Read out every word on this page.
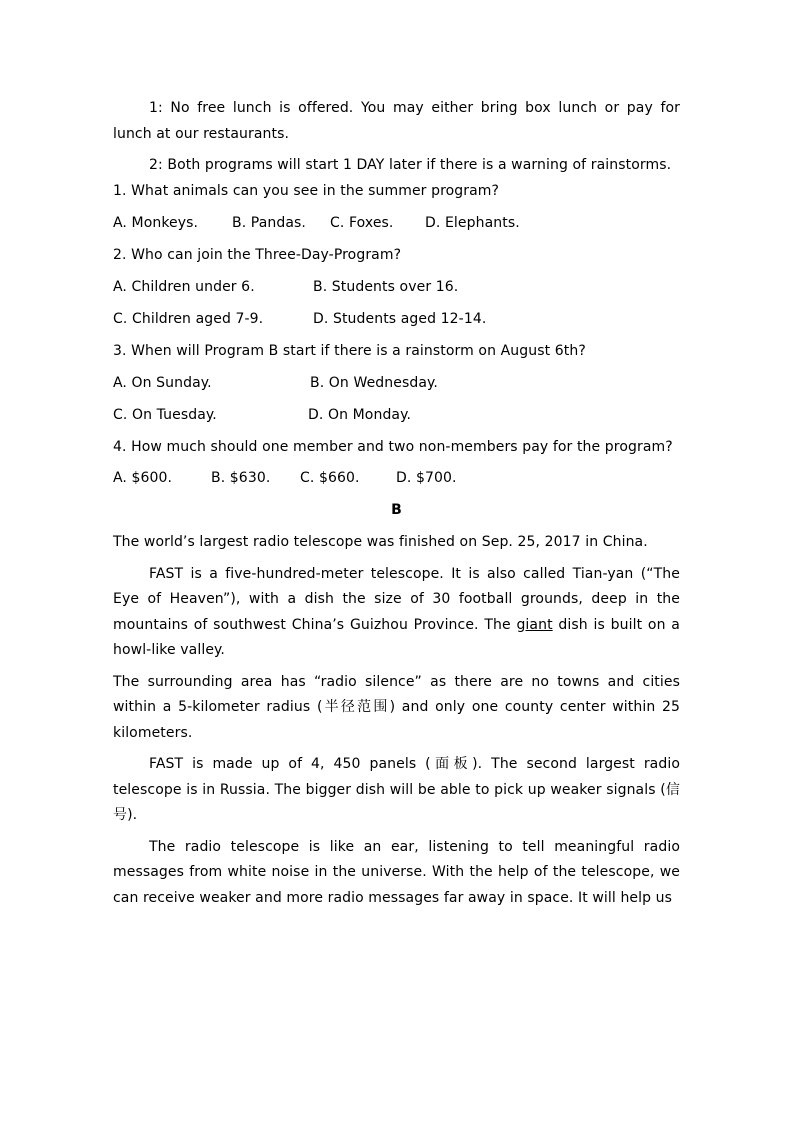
1: No free lunch is offered. You may either bring box lunch or pay for lunch at our restaurants.

2: Both programs will start 1 DAY later if there is a warning of rainstorms.

1. What animals can you see in the summer program?

A. Monkeys. B. Pandas. C. Foxes. D. Elephants.

2. Who can join the Three-Day-Program?

A. Children under 6.	B. Students over 16.

C. Children aged 7-9.	D. Students aged 12-14.

3. When will Program B start if there is a rainstorm on August 6th?

A. On Sunday.	B. On Wednesday.

C. On Tuesday.	D. On Monday.

4. How much should one member and two non-members pay for the program?

A. $600.	B. $630. C. $660.	D. $700.

B

The world’s largest radio telescope was finished on Sep. 25, 2017 in China.

FAST is a five-hundred-meter telescope. It is also called Tian-yan (“The Eye of Heaven”), with a dish the size of 30 football grounds, deep in the mountains of southwest China’s Guizhou Province. The giant dish is built on a howl-like valley.

The surrounding area has “radio silence” as there are no towns and cities within a 5-kilometer radius (半径范围) and only one county center within 25 kilometers.

FAST is made up of 4, 450 panels (面板). The second largest radio telescope is in Russia. The bigger dish will be able to pick up weaker signals (信号).

The radio telescope is like an ear, listening to tell meaningful radio messages from white noise in the universe. With the help of the telescope, we can receive weaker and more radio messages far away in space. It will help us
